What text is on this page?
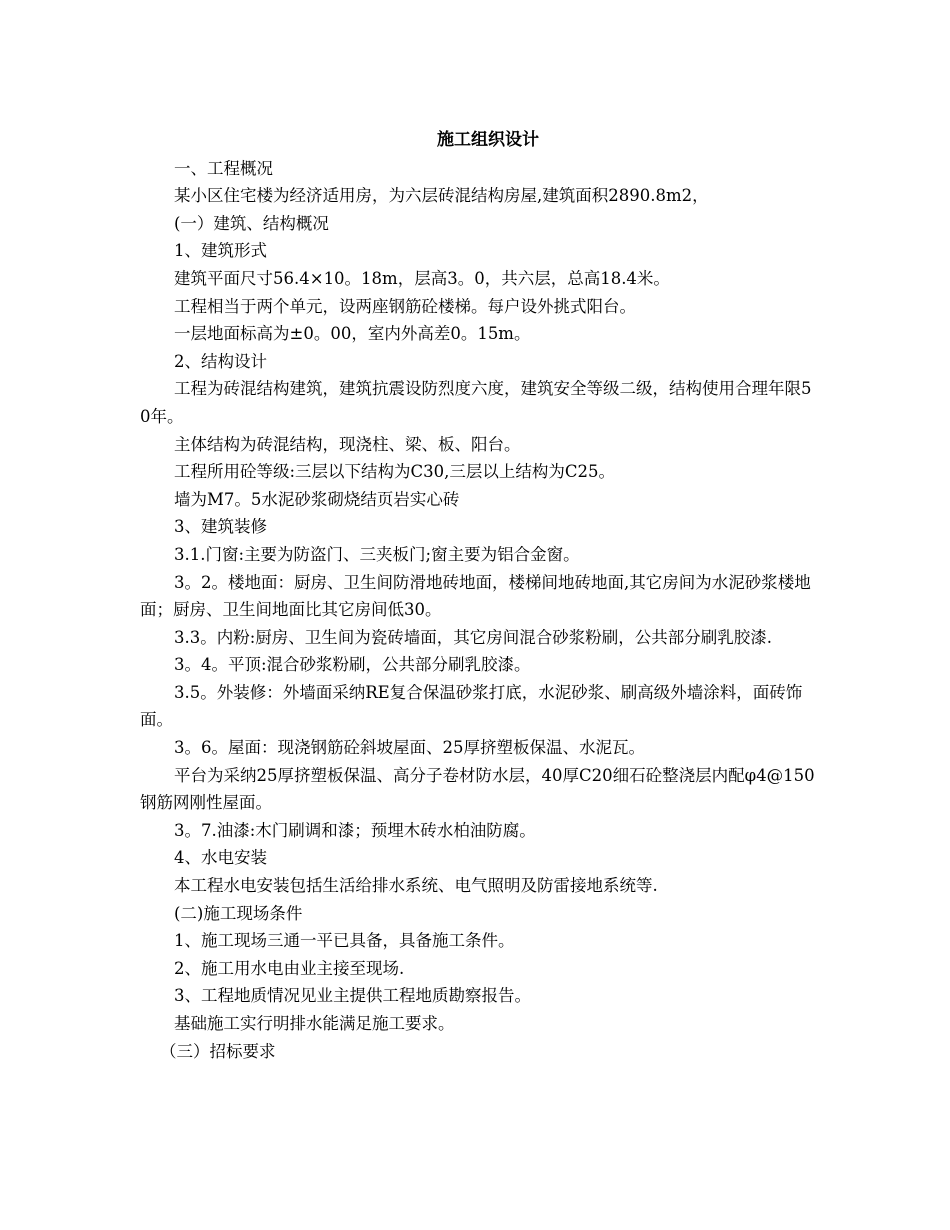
施工组织设计
一、工程概况
某小区住宅楼为经济适用房，为六层砖混结构房屋,建筑面积2890.8m2，
(一）建筑、结构概况
1、建筑形式
建筑平面尺寸56.4×10。18m，层高3。0，共六层，总高18.4米。
工程相当于两个单元，设两座钢筋砼楼梯。每户设外挑式阳台。
一层地面标高为±0。00，室内外高差0。15m。
2、结构设计
工程为砖混结构建筑，建筑抗震设防烈度六度，建筑安全等级二级，结构使用合理年限50年。
主体结构为砖混结构，现浇柱、梁、板、阳台。
工程所用砼等级:三层以下结构为C30,三层以上结构为C25。
墙为M7。5水泥砂浆砌烧结页岩实心砖
3、建筑装修
3.1.门窗:主要为防盗门、三夹板门;窗主要为铝合金窗。
3。2。楼地面：厨房、卫生间防滑地砖地面，楼梯间地砖地面,其它房间为水泥砂浆楼地面；厨房、卫生间地面比其它房间低30。
3.3。内粉:厨房、卫生间为瓷砖墙面，其它房间混合砂浆粉刷，公共部分刷乳胶漆.
3。4。平顶:混合砂浆粉刷，公共部分刷乳胶漆。
3.5。外装修：外墙面采纳RE复合保温砂浆打底，水泥砂浆、刷高级外墙涂料，面砖饰面。
3。6。屋面：现浇钢筋砼斜坡屋面、25厚挤塑板保温、水泥瓦。
平台为采纳25厚挤塑板保温、高分子卷材防水层，40厚C20细石砼整浇层内配φ4@150钢筋网刚性屋面。
3。7.油漆:木门刷调和漆；预埋木砖水柏油防腐。
4、水电安装
本工程水电安装包括生活给排水系统、电气照明及防雷接地系统等.
(二)施工现场条件
1、施工现场三通一平已具备，具备施工条件。
2、施工用水电由业主接至现场.
3、工程地质情况见业主提供工程地质勘察报告。
基础施工实行明排水能满足施工要求。
（三）招标要求
